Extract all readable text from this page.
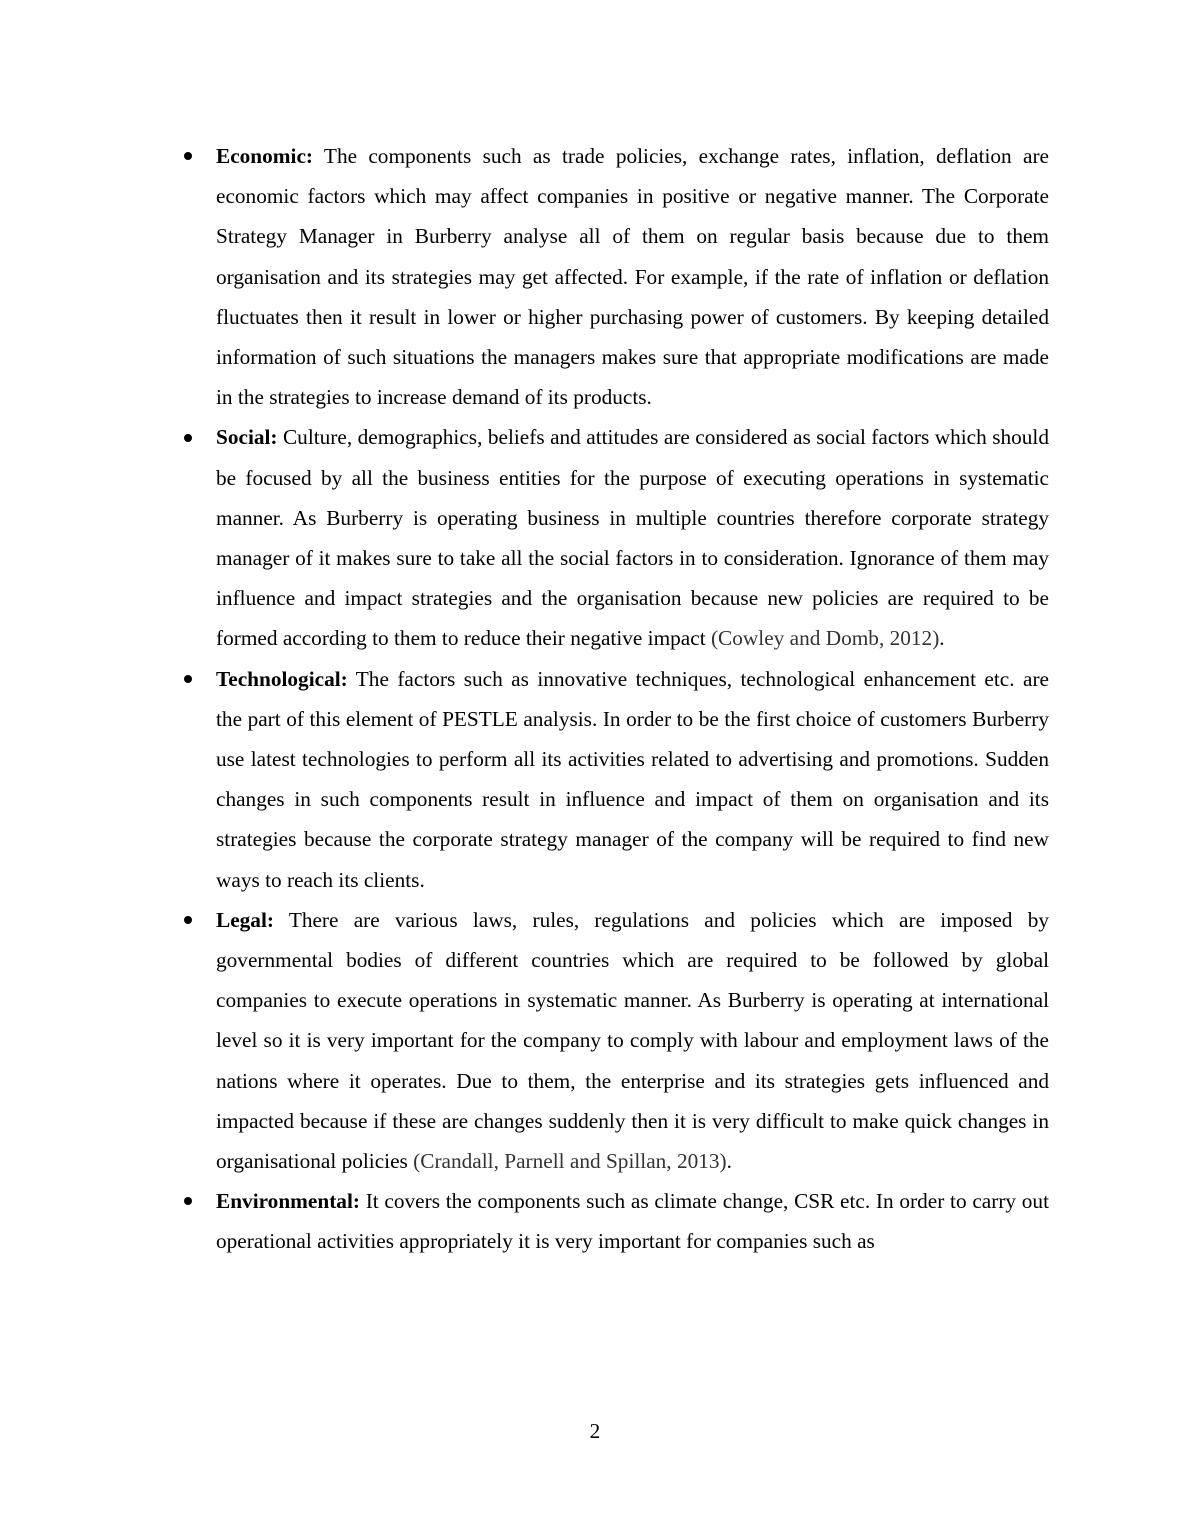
Economic: The components such as trade policies, exchange rates, inflation, deflation are economic factors which may affect companies in positive or negative manner. The Corporate Strategy Manager in Burberry analyse all of them on regular basis because due to them organisation and its strategies may get affected. For example, if the rate of inflation or deflation fluctuates then it result in lower or higher purchasing power of customers. By keeping detailed information of such situations the managers makes sure that appropriate modifications are made in the strategies to increase demand of its products.
Social: Culture, demographics, beliefs and attitudes are considered as social factors which should be focused by all the business entities for the purpose of executing operations in systematic manner. As Burberry is operating business in multiple countries therefore corporate strategy manager of it makes sure to take all the social factors in to consideration. Ignorance of them may influence and impact strategies and the organisation because new policies are required to be formed according to them to reduce their negative impact (Cowley and Domb, 2012).
Technological: The factors such as innovative techniques, technological enhancement etc. are the part of this element of PESTLE analysis. In order to be the first choice of customers Burberry use latest technologies to perform all its activities related to advertising and promotions. Sudden changes in such components result in influence and impact of them on organisation and its strategies because the corporate strategy manager of the company will be required to find new ways to reach its clients.
Legal: There are various laws, rules, regulations and policies which are imposed by governmental bodies of different countries which are required to be followed by global companies to execute operations in systematic manner. As Burberry is operating at international level so it is very important for the company to comply with labour and employment laws of the nations where it operates. Due to them, the enterprise and its strategies gets influenced and impacted because if these are changes suddenly then it is very difficult to make quick changes in organisational policies (Crandall, Parnell and Spillan, 2013).
Environmental: It covers the components such as climate change, CSR etc. In order to carry out operational activities appropriately it is very important for companies such as
2
